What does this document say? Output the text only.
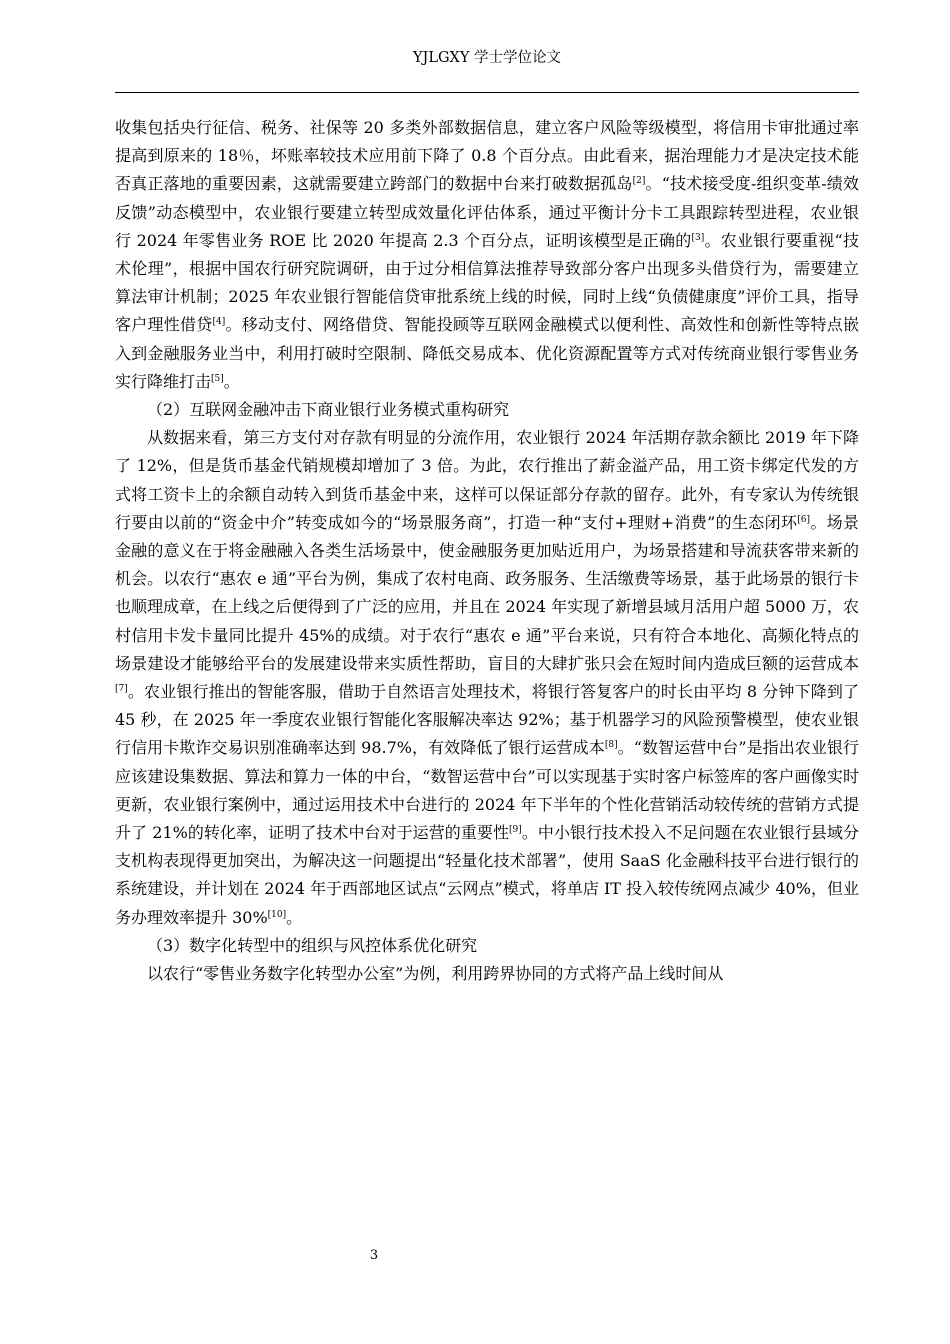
YJLGXY 学士学位论文

收集包括央行征信、税务、社保等 20 多类外部数据信息，建立客户风险等级模型，将信用卡审批通过率提高到原来的 18％，坏账率较技术应用前下降了 0.8 个百分点。由此看来，据治理能力才是决定技术能否真正落地的重要因素，这就需要建立跨部门的数据中台来打破数据孤岛[2]。“技术接受度-组织变革-绩效反馈”动态模型中，农业银行要建立转型成效量化评估体系，通过平衡计分卡工具跟踪转型进程，农业银行 2024 年零售业务 ROE 比 2020 年提高 2.3 个百分点，证明该模型是正确的[3]。农业银行要重视“技术伦理”，根据中国农行研究院调研，由于过分相信算法推荐导致部分客户出现多头借贷行为，需要建立算法审计机制；2025 年农业银行智能信贷审批系统上线的时候，同时上线“负债健康度”评价工具，指导客户理性借贷[4]。移动支付、网络借贷、智能投顾等互联网金融模式以便利性、高效性和创新性等特点嵌入到金融服务业当中，利用打破时空限制、降低交易成本、优化资源配置等方式对传统商业银行零售业务实行降维打击[5]。

（2）互联网金融冲击下商业银行业务模式重构研究

从数据来看，第三方支付对存款有明显的分流作用，农业银行 2024 年活期存款余额比 2019 年下降了 12%，但是货币基金代销规模却增加了 3 倍。为此，农行推出了薪金溢产品，用工资卡绑定代发的方式将工资卡上的余额自动转入到货币基金中来，这样可以保证部分存款的留存。此外，有专家认为传统银行要由以前的“资金中介”转变成如今的“场景服务商”，打造一种“支付+理财+消费”的生态闭环[6]。场景金融的意义在于将金融融入各类生活场景中，使金融服务更加贴近用户，为场景搭建和导流获客带来新的机会。以农行“惠农 e 通”平台为例，集成了农村电商、政务服务、生活缴费等场景，基于此场景的银行卡也顺理成章，在上线之后便得到了广泛的应用，并且在 2024 年实现了新增县域月活用户超 5000 万，农村信用卡发卡量同比提升 45%的成绩。对于农行“惠农 e 通”平台来说，只有符合本地化、高频化特点的场景建设才能够给平台的发展建设带来实质性帮助，盲目的大肆扩张只会在短时间内造成巨额的运营成本[7]。农业银行推出的智能客服，借助于自然语言处理技术，将银行答复客户的时长由平均 8 分钟下降到了 45 秒，在 2025 年一季度农业银行智能化客服解决率达 92%；基于机器学习的风险预警模型，使农业银行信用卡欺诈交易识别准确率达到 98.7%，有效降低了银行运营成本[8]。“数智运营中台”是指出农业银行应该建设集数据、算法和算力一体的中台，“数智运营中台”可以实现基于实时客户标签库的客户画像实时更新，农业银行案例中，通过运用技术中台进行的 2024 年下半年的个性化营销活动较传统的营销方式提升了 21%的转化率，证明了技术中台对于运营的重要性[9]。中小银行技术投入不足问题在农业银行县域分支机构表现得更加突出，为解决这一问题提出“轻量化技术部署”，使用 SaaS 化金融科技平台进行银行的系统建设，并计划在 2024 年于西部地区试点“云网点”模式，将单店 IT 投入较传统网点减少 40%，但业务办理效率提升 30%[10]。

（3）数字化转型中的组织与风控体系优化研究

以农行“零售业务数字化转型办公室”为例，利用跨界协同的方式将产品上线时间从

3
